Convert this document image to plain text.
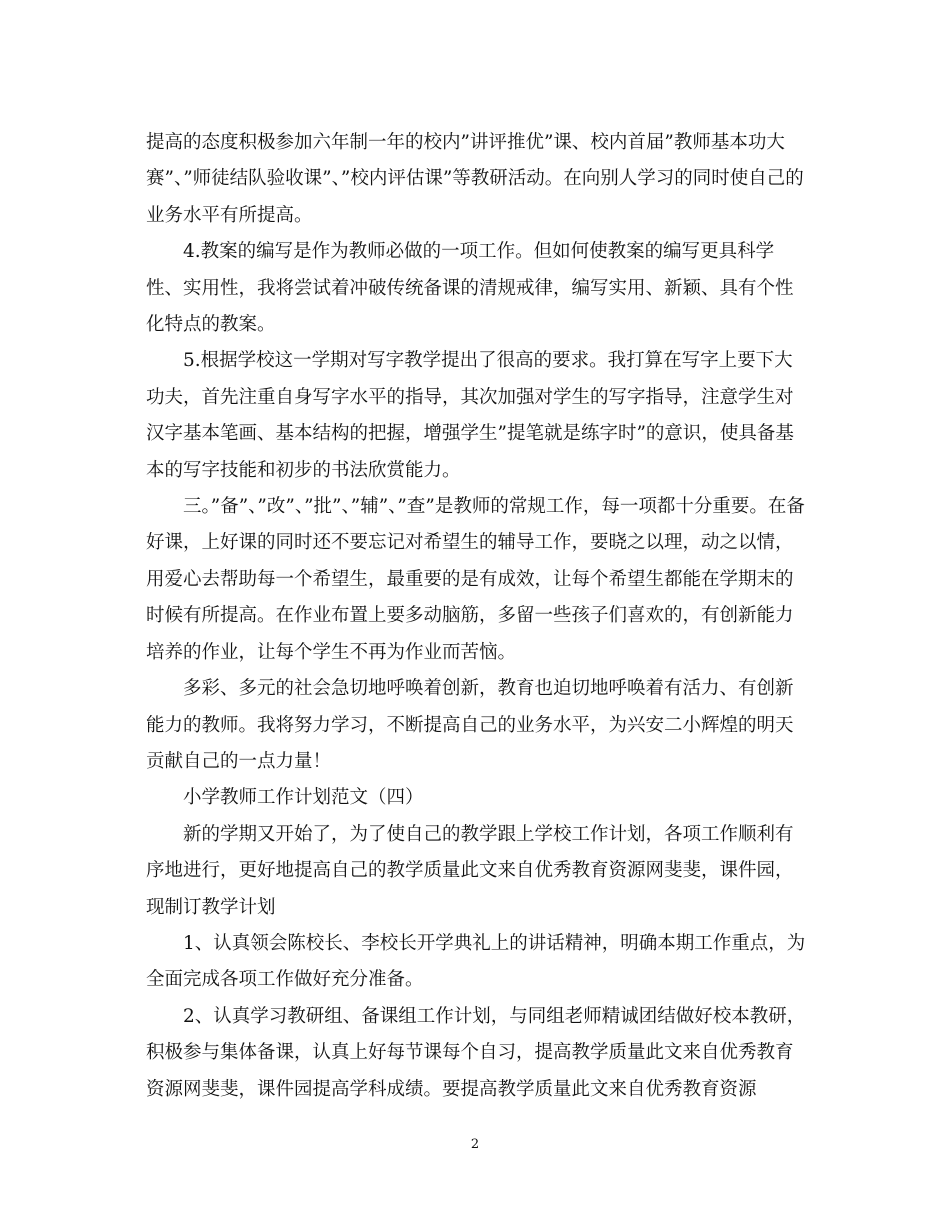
提高的态度积极参加六年制一年的校内”讲评推优”课、校内首届”教师基本功大赛”、”师徒结队验收课”、”校内评估课”等教研活动。在向别人学习的同时使自己的业务水平有所提高。

4.教案的编写是作为教师必做的一项工作。但如何使教案的编写更具科学性、实用性，我将尝试着冲破传统备课的清规戒律，编写实用、新颖、具有个性化特点的教案。

5.根据学校这一学期对写字教学提出了很高的要求。我打算在写字上要下大功夫，首先注重自身写字水平的指导，其次加强对学生的写字指导，注意学生对汉字基本笔画、基本结构的把握，增强学生”提笔就是练字时”的意识，使具备基本的写字技能和初步的书法欣赏能力。

三。”备”、”改”、”批”、”辅”、”查”是教师的常规工作，每一项都十分重要。在备好课，上好课的同时还不要忘记对希望生的辅导工作，要晓之以理，动之以情，用爱心去帮助每一个希望生，最重要的是有成效，让每个希望生都能在学期末的时候有所提高。在作业布置上要多动脑筋，多留一些孩子们喜欢的，有创新能力培养的作业，让每个学生不再为作业而苦恼。

多彩、多元的社会急切地呼唤着创新，教育也迫切地呼唤着有活力、有创新能力的教师。我将努力学习，不断提高自己的业务水平，为兴安二小辉煌的明天贡献自己的一点力量！

小学教师工作计划范文（四）

新的学期又开始了，为了使自己的教学跟上学校工作计划，各项工作顺利有序地进行，更好地提高自己的教学质量此文来自优秀教育资源网斐斐，课件园，现制订教学计划

1、认真领会陈校长、李校长开学典礼上的讲话精神，明确本期工作重点，为全面完成各项工作做好充分准备。

2、认真学习教研组、备课组工作计划，与同组老师精诚团结做好校本教研，积极参与集体备课，认真上好每节课每个自习，提高教学质量此文来自优秀教育资源网斐斐，课件园提高学科成绩。要提高教学质量此文来自优秀教育资源

2
